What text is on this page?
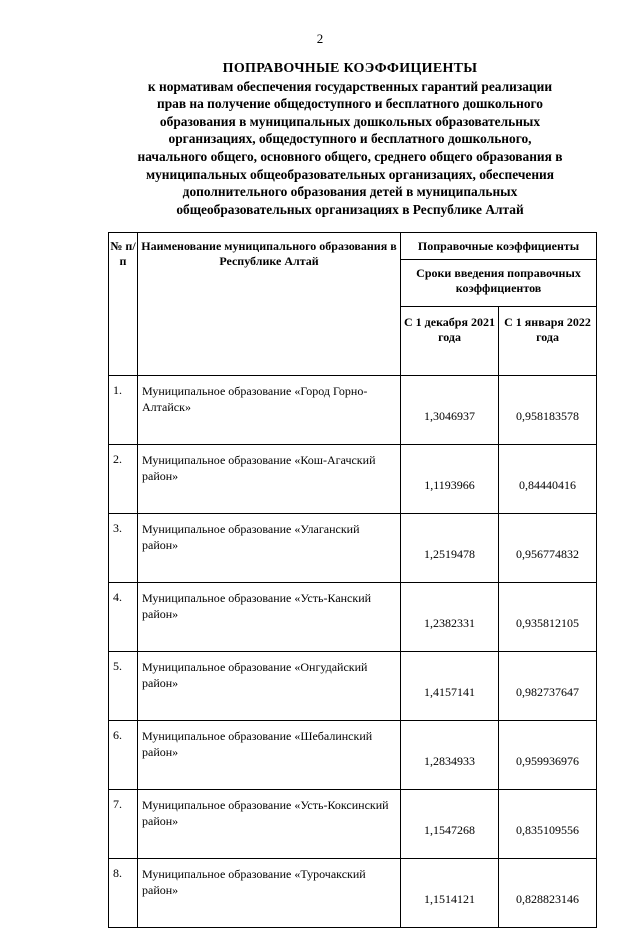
2
ПОПРАВОЧНЫЕ КОЭФФИЦИЕНТЫ
к нормативам обеспечения государственных гарантий реализации
прав на получение общедоступного и бесплатного дошкольного
образования в муниципальных дошкольных образовательных
организациях, общедоступного и бесплатного дошкольного,
начального общего, основного общего, среднего общего образования в
муниципальных общеобразовательных организациях, обеспечения
дополнительного образования детей в муниципальных
общеобразовательных организациях в Республике Алтай
№ п/п	Наименование муниципального образования в Республике Алтай	Поправочные коэффициенты	
		Сроки введения поправочных коэффициентов	
		С 1 декабря 2021 года	С 1 января 2022 года
1.	Муниципальное образование «Город Горно-Алтайск»	1,3046937	0,958183578
2.	Муниципальное образование «Кош-Агачский район»	1,1193966	0,84440416
3.	Муниципальное образование «Улаганский район»	1,2519478	0,956774832
4.	Муниципальное образование «Усть-Канский район»	1,2382331	0,935812105
5.	Муниципальное образование «Онгудайский район»	1,4157141	0,982737647
6.	Муниципальное образование «Шебалинский район»	1,2834933	0,959936976
7.	Муниципальное образование «Усть-Коксинский район»	1,1547268	0,835109556
8.	Муниципальное образование «Турочакский район»	1,1514121	0,828823146
